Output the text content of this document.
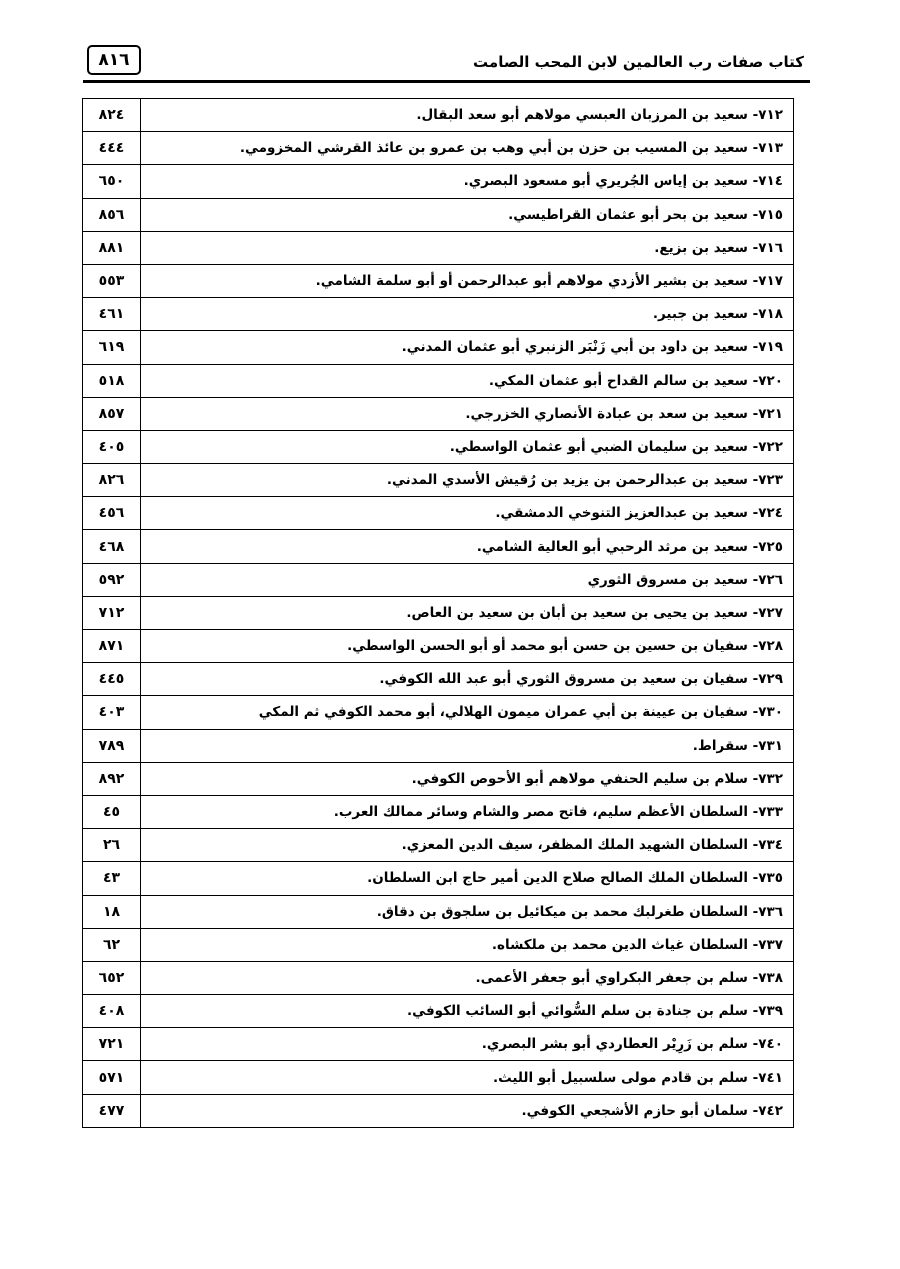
٨١٦	كتاب صفات رب العالمين لابن المحب الصامت
٨٢٤	٧١٢- سعيد بن المرزبان العبسي مولاهم أبو سعد البقال.
٤٤٤	٧١٣- سعيد بن المسيب بن حزن بن أبي وهب بن عمرو بن عائذ القرشي المخزومي.
٦٥٠	٧١٤- سعيد بن إياس الجُريري أبو مسعود البصري.
٨٥٦	٧١٥- سعيد بن بحر أبو عثمان القراطيسي.
٨٨١	٧١٦- سعيد بن بزيع.
٥٥٣	٧١٧- سعيد بن بشير الأزدي مولاهم أبو عبدالرحمن أو أبو سلمة الشامي.
٤٦١	٧١٨- سعيد بن جبير.
٦١٩	٧١٩- سعيد بن داود بن أبي زَنْبَر الزنبري أبو عثمان المدني.
٥١٨	٧٢٠- سعيد بن سالم القداح أبو عثمان المكي.
٨٥٧	٧٢١- سعيد بن سعد بن عبادة الأنصاري الخزرجي.
٤٠٥	٧٢٢- سعيد بن سليمان الضبي أبو عثمان الواسطي.
٨٢٦	٧٢٣- سعيد بن عبدالرحمن بن يزيد بن رُقيش الأسدي المدني.
٤٥٦	٧٢٤- سعيد بن عبدالعزيز التنوخي الدمشقي.
٤٦٨	٧٢٥- سعيد بن مرثد الرحبي أبو العالية الشامي.
٥٩٢	٧٢٦- سعيد بن مسروق الثوري
٧١٢	٧٢٧- سعيد بن يحيى بن سعيد بن أبان بن سعيد بن العاص.
٨٧١	٧٢٨- سفيان بن حسين بن حسن أبو محمد أو أبو الحسن الواسطي.
٤٤٥	٧٢٩- سفيان بن سعيد بن مسروق الثوري أبو عبد الله الكوفي.
٤٠٣	٧٣٠- سفيان بن عيينة بن أبي عمران ميمون الهلالي، أبو محمد الكوفي ثم المكي
٧٨٩	٧٣١- سقراط.
٨٩٢	٧٣٢- سلام بن سليم الحنفي مولاهم أبو الأحوص الكوفي.
٤٥	٧٣٣- السلطان الأعظم سليم، فاتح مصر والشام وسائر ممالك العرب.
٢٦	٧٣٤- السلطان الشهيد الملك المظفر، سيف الدين المعزي.
٤٣	٧٣٥- السلطان الملك الصالح صلاح الدين أمير حاج ابن السلطان.
١٨	٧٣٦- السلطان طغرلبك محمد بن ميكائيل بن سلجوق بن دقاق.
٦٢	٧٣٧- السلطان غياث الدين محمد بن ملكشاه.
٦٥٢	٧٣٨- سلم بن جعفر البكراوي أبو جعفر الأعمى.
٤٠٨	٧٣٩- سلم بن جنادة بن سلم السُّوائي أبو السائب الكوفي.
٧٢١	٧٤٠- سلم بن زَرِيْر العطاردي أبو بشر البصري.
٥٧١	٧٤١- سلم بن قادم مولى سلسبيل أبو الليث.
٤٧٧	٧٤٢- سلمان أبو حازم الأشجعي الكوفي.
